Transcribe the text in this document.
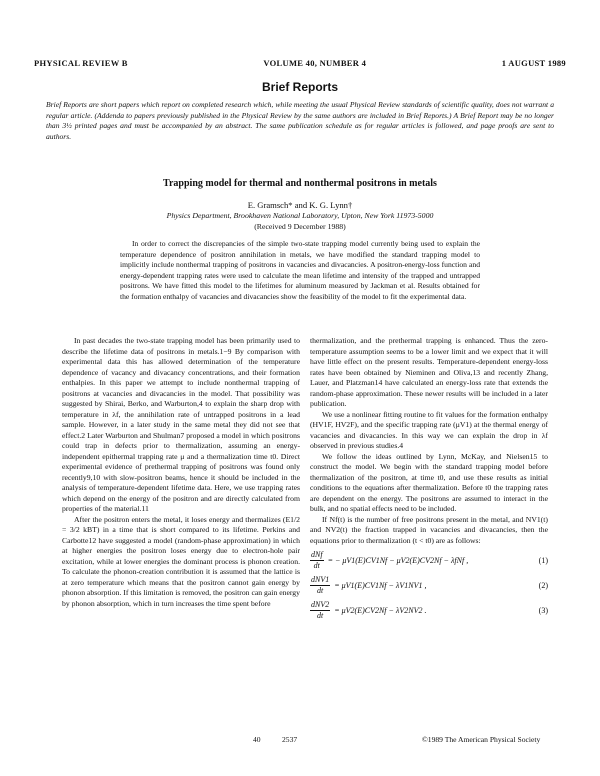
PHYSICAL REVIEW B	VOLUME 40, NUMBER 4	1 AUGUST 1989
Brief Reports
Brief Reports are short papers which report on completed research which, while meeting the usual Physical Review standards of scientific quality, does not warrant a regular article. (Addenda to papers previously published in the Physical Review by the same authors are included in Brief Reports.) A Brief Report may be no longer than 3½ printed pages and must be accompanied by an abstract. The same publication schedule as for regular articles is followed, and page proofs are sent to authors.
Trapping model for thermal and nonthermal positrons in metals
E. Gramsch* and K. G. Lynn†
Physics Department, Brookhaven National Laboratory, Upton, New York 11973-5000
(Received 9 December 1988)
In order to correct the discrepancies of the simple two-state trapping model currently being used to explain the temperature dependence of positron annihilation in metals, we have modified the standard trapping model to implicitly include nonthermal trapping of positrons in vacancies and divacancies. A positron-energy-loss function and energy-dependent trapping rates were used to calculate the mean lifetime and intensity of the trapped and untrapped positrons. We have fitted this model to the lifetimes for aluminum measured by Jackman et al. Results obtained for the formation enthalpy of vacancies and divacancies show the feasibility of the model to fit the experimental data.

In past decades the two-state trapping model has been primarily used to describe the lifetime data of positrons in metals.1−9 By comparison with experimental data this has allowed determination of the temperature dependence of vacancy and divacancy concentrations, and their formation enthalpies. In this paper we attempt to include nonthermal trapping of positrons at vacancies and divacancies in the model. That possibility was suggested by Shirai, Berko, and Warburton,4 to explain the sharp drop with temperature in λf, the annihilation rate of untrapped positrons in a lead sample. However, in a later study in the same metal they did not see that effect.2 Later Warburton and Shulman7 proposed a model in which positrons could trap in defects prior to thermalization, assuming an energy-independent epithermal trapping rate μ and a thermalization time t0. Direct experimental evidence of prethermal trapping of positrons was found only recently9,10 with slow-positron beams, hence it should be included in the analysis of temperature-dependent lifetime data. Here, we use trapping rates which depend on the energy of the positron and are directly calculated from properties of the material.11

After the positron enters the metal, it loses energy and thermalizes (E1/2 = 3/2 kBT) in a time that is short compared to its lifetime. Perkins and Carbotte12 have suggested a model (random-phase approximation) in which at higher energies the positron loses energy due to electron-hole pair excitation, while at lower energies the dominant process is phonon creation. To calculate the phonon-creation contribution it is assumed that the lattice is at zero temperature which means that the positron cannot gain energy by phonon absorption. If this limitation is removed, the positron can gain energy by phonon absorption, which in turn increases the time spent before

thermalization, and the prethermal trapping is enhanced. Thus the zero-temperature assumption seems to be a lower limit and we expect that it will have little effect on the present results. Temperature-dependent energy-loss rates have been obtained by Nieminen and Oliva,13 and recently Zhang, Lauer, and Platzman14 have calculated an energy-loss rate that extends the random-phase approximation. These newer results will be included in a later publication.

We use a nonlinear fitting routine to fit values for the formation enthalpy (HV1F, HV2F), and the specific trapping rate (μV1) at the thermal energy of vacancies and divacancies. In this way we can explain the drop in λf observed in previous studies.4

We follow the ideas outlined by Lynn, McKay, and Nielsen15 to construct the model. We begin with the standard trapping model before thermalization of the positron, at time t0, and use these results as initial conditions to the equations after thermalization. Before t0 the trapping rates are dependent on the energy. The positrons are assumed to interact in the bulk, and no spatial effects need to be included.

If Nf(t) is the number of free positrons present in the metal, and NV1(t) and NV2(t) the fraction trapped in vacancies and divacancies, then the equations prior to thermalization (t < t0) are as follows:

$\frac{\text{dNf}}{dt}$ = − μV1(E)CV1Nf − μV2(E)CV2Nf − λfNf ,	(1)
$\frac{\text{dNV1}}{dt} = \mu V1(E)CV1Nf - \lambda V1NV1$ ,	(2)
$\frac{\text{dNV2}}{dt} = \mu V2(E)CV2Nf - \lambda V2NV2$ .	(3)
40	2537	©1989 The American Physical Society
